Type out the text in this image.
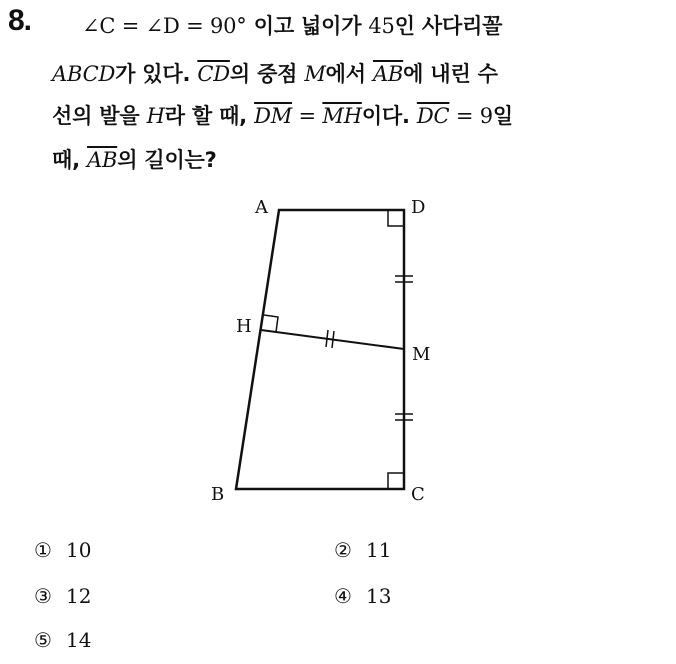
8. ∠C = ∠D = 90° 이고 넓이가 45인 사다리꼴
ABCD가 있다. $\overline{CD}$의 중점 M에서 $\overline{AB}$에 내린 수
선의 발을 H라 할 때, $\overline{DM} = \overline{MH}$이다. $\overline{DC} = 9$일
때, $\overline{AB}$의 길이는?
A	D
H
M
B	C
① 10	② 11
③ 12	④ 13
⑤ 14
